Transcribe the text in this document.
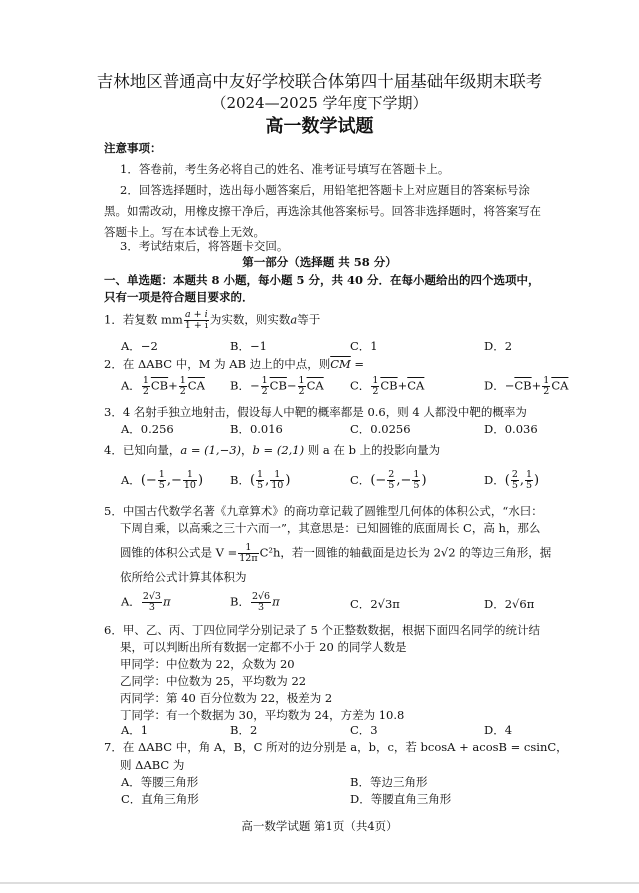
吉林地区普通高中友好学校联合体第四十届基础年级期末联考
（2024—2025 学年度下学期）
高一数学试题
注意事项：
1．答卷前，考生务必将自己的姓名、准考证号填写在答题卡上。
2．回答选择题时，选出每小题答案后，用铅笔把答题卡上对应题目的答案标号涂
黑。如需改动，用橡皮擦干净后，再选涂其他答案标号。回答非选择题时，将答案写在
答题卡上。写在本试卷上无效。
3．考试结束后，将答题卡交回。
第一部分（选择题 共 58 分）
一、单选题：本题共 8 小题，每小题 5 分，共 40 分．在每小题给出的四个选项中，
只有一项是符合题目要求的．
1．若复数 mm $\frac{a + i}{1 + i}$ 为实数，则实数a等于
A．−2	B．−1	C．1	D．2
2．在 ΔABC 中，M 为 AB 边上的中点，则$\overline{CM}$ =
A． $\frac{1}{2} \overline{CB}+ \frac{1}{2} \overline{CA}$ B．− $\frac{1}{2} \overline{CB}- \frac{1}{2} \overline{CA}$ C． $\frac{1}{2} \overline{CB}+\overline{CA}$	D．$-\overline{CB}+ \frac{1}{2} \overline{CA}$
3．4 名射手独立地射击，假设每人中靶的概率都是 0.6，则 4 人都没中靶的概率为
A．0.256	B．0.016	C．0.0256	D．0.036
4．已知向量，a = (1,−3)，b = (2,1) 则 a 在 b 上的投影向量为
A．(− $\frac{1}{5}$ ,− $\frac{1}{10}$ ) B．( $\frac{1}{5}$ , $\frac{1}{10}$ )	C．(− $\frac{2}{5}$ ,− $\frac{1}{5}$ )	D．( $\frac{2}{5}$ , $\frac{1}{5}$ )
5．中国古代数学名著《九章算术》的商功章记载了圆锥型几何体的体积公式，“水曰：
下周自乘，以高乘之三十六而一”，其意思是：已知圆锥的底面周长 C，高 h，那么
圆锥的体积公式是 $V = \frac{1}{12\pi} C^2h$，若一圆锥的轴截面是边长为 2√2 的等边三角形，据
依所给公式计算其体积为
A． $\frac{2√3}{3}$ π	B． $\frac{2√6}{3}$ π	C．2√3π	D．2√6π
6．甲、乙、丙、丁四位同学分别记录了 5 个正整数数据，根据下面四名同学的统计结
果，可以判断出所有数据一定都不小于 20 的同学人数是
甲同学：中位数为 22，众数为 20
乙同学：中位数为 25，平均数为 22
丙同学：第 40 百分位数为 22，极差为 2
丁同学：有一个数据为 30，平均数为 24，方差为 10.8
A．1	B．2	C．3	D．4
7．在 ΔABC 中，角 A，B，C 所对的边分别是 a，b，c，若 bcosA + acosB = csinC，
则 ΔABC 为
A．等腰三角形	B．等边三角形
C．直角三角形	D．等腰直角三角形
高一数学试题 第1页（共4页）
